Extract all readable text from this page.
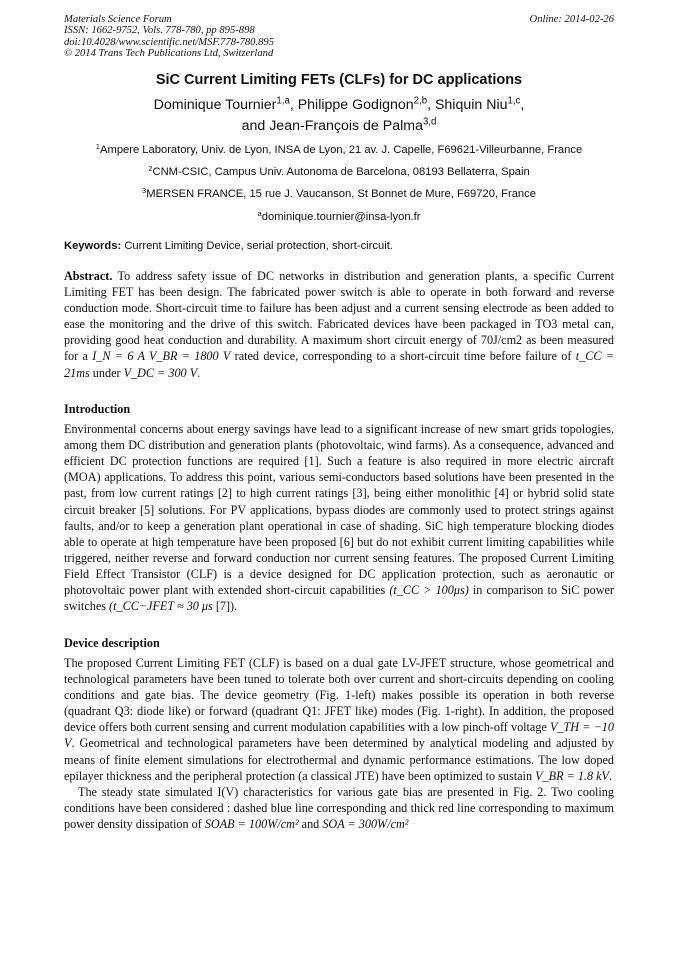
Materials Science Forum
ISSN: 1662-9752, Vols. 778-780, pp 895-898
doi:10.4028/www.scientific.net/MSF.778-780.895
© 2014 Trans Tech Publications Ltd, Switzerland
Online: 2014-02-26
SiC Current Limiting FETs (CLFs) for DC applications
Dominique Tournier$^{1,a}$, Philippe Godignon$^{2,b}$, Shiquin Niu$^{1,c}$,
and Jean-François de Palma$^{3,d}$
$^1$Ampere Laboratory, Univ. de Lyon, INSA de Lyon, 21 av. J. Capelle, F69621-Villeurbanne, France
$^2$CNM-CSIC, Campus Univ. Autonoma de Barcelona, 08193 Bellaterra, Spain
$^3$MERSEN FRANCE, 15 rue J. Vaucanson, St Bonnet de Mure, F69720, France
$^a$dominique.tournier@insa-lyon.fr
Keywords: Current Limiting Device, serial protection, short-circuit.
Abstract. To address safety issue of DC networks in distribution and generation plants, a specific Current Limiting FET has been design. The fabricated power switch is able to operate in both forward and reverse conduction mode. Short-circuit time to failure has been adjust and a current sensing electrode as been added to ease the monitoring and the drive of this switch. Fabricated devices have been packaged in TO3 metal can, providing good heat conduction and durability. A maximum short circuit energy of 70J/cm2 as been measured for a I_N = 6 A V_BR = 1800 V rated device, corresponding to a short-circuit time before failure of t_CC = 21ms under V_DC = 300 V.
Introduction
Environmental concerns about energy savings have lead to a significant increase of new smart grids topologies, among them DC distribution and generation plants (photovoltaic, wind farms). As a consequence, advanced and efficient DC protection functions are required [1]. Such a feature is also required in more electric aircraft (MOA) applications. To address this point, various semi-conductors based solutions have been presented in the past, from low current ratings [2] to high current ratings [3], being either monolithic [4] or hybrid solid state circuit breaker [5] solutions. For PV applications, bypass diodes are commonly used to protect strings against faults, and/or to keep a generation plant operational in case of shading. SiC high temperature blocking diodes able to operate at high temperature have been proposed [6] but do not exhibit current limiting capabilities while triggered, neither reverse and forward conduction nor current sensing features. The proposed Current Limiting Field Effect Transistor (CLF) is a device designed for DC application protection, such as aeronautic or photovoltaic power plant with extended short-circuit capabilities (t_CC > 100μs) in comparison to SiC power switches (t_CC−JFET ≈ 30 μs [7]).
Device description
The proposed Current Limiting FET (CLF) is based on a dual gate LV-JFET structure, whose geometrical and technological parameters have been tuned to tolerate both over current and short-circuits depending on cooling conditions and gate bias. The device geometry (Fig. 1-left) makes possible its operation in both reverse (quadrant Q3: diode like) or forward (quadrant Q1: JFET like) modes (Fig. 1-right). In addition, the proposed device offers both current sensing and current modulation capabilities with a low pinch-off voltage V_TH = −10 V. Geometrical and technological parameters have been determined by analytical modeling and adjusted by means of finite element simulations for electrothermal and dynamic performance estimations. The low doped epilayer thickness and the peripheral protection (a classical JTE) have been optimized to sustain V_BR = 1.8 kV.
The steady state simulated I(V) characteristics for various gate bias are presented in Fig. 2. Two cooling conditions have been considered : dashed blue line corresponding and thick red line corresponding to maximum power density dissipation of SOAB = 100W/cm² and SOA = 300W/cm²
